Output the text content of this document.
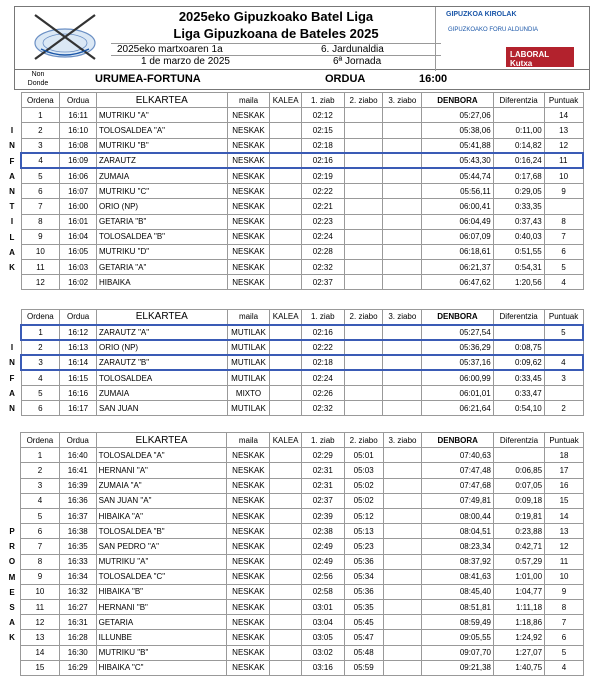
2025eko Gipuzkoako Batel Liga
Liga Gipuzkoana de Bateles 2025
2025eko martxoaren 1a	6. Jardunaldia
1 de marzo de 2025	6ª Jornada
GIPUZKOA KIROLAK
GIPUZKOAKO FORU ALDUNDIA
LABORAL Kutxa
Non Donde	URUMEA-FORTUNA	ORDUA	16:00
Ordena	Ordua	ELKARTEA	maila	KALEA	1. ziab	2. ziabo	3. ziabo	DENBORA	Diferentzia	Puntuak
1	16:11	MUTRIKU "A"	NESKAK		02:12			05:27,06		14
2	16:10	TOLOSALDEA "A"	NESKAK		02:15			05:38,06	0:11,00	13
3	16:08	MUTRIKU "B"	NESKAK		02:18			05:41,88	0:14,82	12
4	16:09	ZARAUTZ	NESKAK		02:16			05:43,30	0:16,24	11
5	16:06	ZUMAIA	NESKAK		02:19			05:44,74	0:17,68	10
6	16:07	MUTRIKU "C"	NESKAK		02:22			05:56,11	0:29,05	9
7	16:00	ORIO (NP)	NESKAK		02:21			06:00,41	0:33,35	
8	16:01	GETARIA "B"	NESKAK		02:23			06:04,49	0:37,43	8
9	16:04	TOLOSALDEA "B"	NESKAK		02:24			06:07,09	0:40,03	7
10	16:05	MUTRIKU "D"	NESKAK		02:28			06:18,61	0:51,55	6
11	16:03	GETARIA "A"	NESKAK		02:32			06:21,37	0:54,31	5
12	16:02	HIBAIKA	NESKAK		02:37			06:47,62	1:20,56	4
I
N
F
A
N
T
I
L
A
K
Ordena	Ordua	ELKARTEA	maila	KALEA	1. ziab	2. ziabo	3. ziabo	DENBORA	Diferentzia	Puntuak
1	16:12	ZARAUTZ "A"	MUTILAK		02:16			05:27,54		5
2	16:13	ORIO (NP)	MUTILAK		02:22			05:36,29	0:08,75	
3	16:14	ZARAUTZ "B"	MUTILAK		02:18			05:37,16	0:09,62	4
4	16:15	TOLOSALDEA	MUTILAK		02:24			06:00,99	0:33,45	3
5	16:16	ZUMAIA	MIXTO		02:26			06:01,01	0:33,47	
6	16:17	SAN JUAN	MUTILAK		02:32			06:21,64	0:54,10	2
I
N
F
A
N
Ordena	Ordua	ELKARTEA	maila	KALEA	1. ziab	2. ziabo	3. ziabo	DENBORA	Diferentzia	Puntuak
1	16:40	TOLOSALDEA "A"	NESKAK		02:29	05:01		07:40,63		18
2	16:41	HERNANI "A"	NESKAK		02:31	05:03		07:47,48	0:06,85	17
3	16:39	ZUMAIA "A"	NESKAK		02:31	05:02		07:47,68	0:07,05	16
4	16:36	SAN JUAN "A"	NESKAK		02:37	05:02		07:49,81	0:09,18	15
5	16:37	HIBAIKA "A"	NESKAK		02:39	05:12		08:00,44	0:19,81	14
6	16:38	TOLOSALDEA "B"	NESKAK		02:38	05:13		08:04,51	0:23,88	13
7	16:35	SAN PEDRO "A"	NESKAK		02:49	05:23		08:23,34	0:42,71	12
8	16:33	MUTRIKU "A"	NESKAK		02:49	05:36		08:37,92	0:57,29	11
9	16:34	TOLOSALDEA "C"	NESKAK		02:56	05:34		08:41,63	1:01,00	10
10	16:32	HIBAIKA "B"	NESKAK		02:58	05:36		08:45,40	1:04,77	9
11	16:27	HERNANI "B"	NESKAK		03:01	05:35		08:51,81	1:11,18	8
12	16:31	GETARIA	NESKAK		03:04	05:45		08:59,49	1:18,86	7
13	16:28	ILLUNBE	NESKAK		03:05	05:47		09:05,55	1:24,92	6
14	16:30	MUTRIKU "B"	NESKAK		03:02	05:48		09:07,70	1:27,07	5
15	16:29	HIBAIKA "C"	NESKAK		03:16	05:59		09:21,38	1:40,75	4
P
R
O
M
E
S
A
K
